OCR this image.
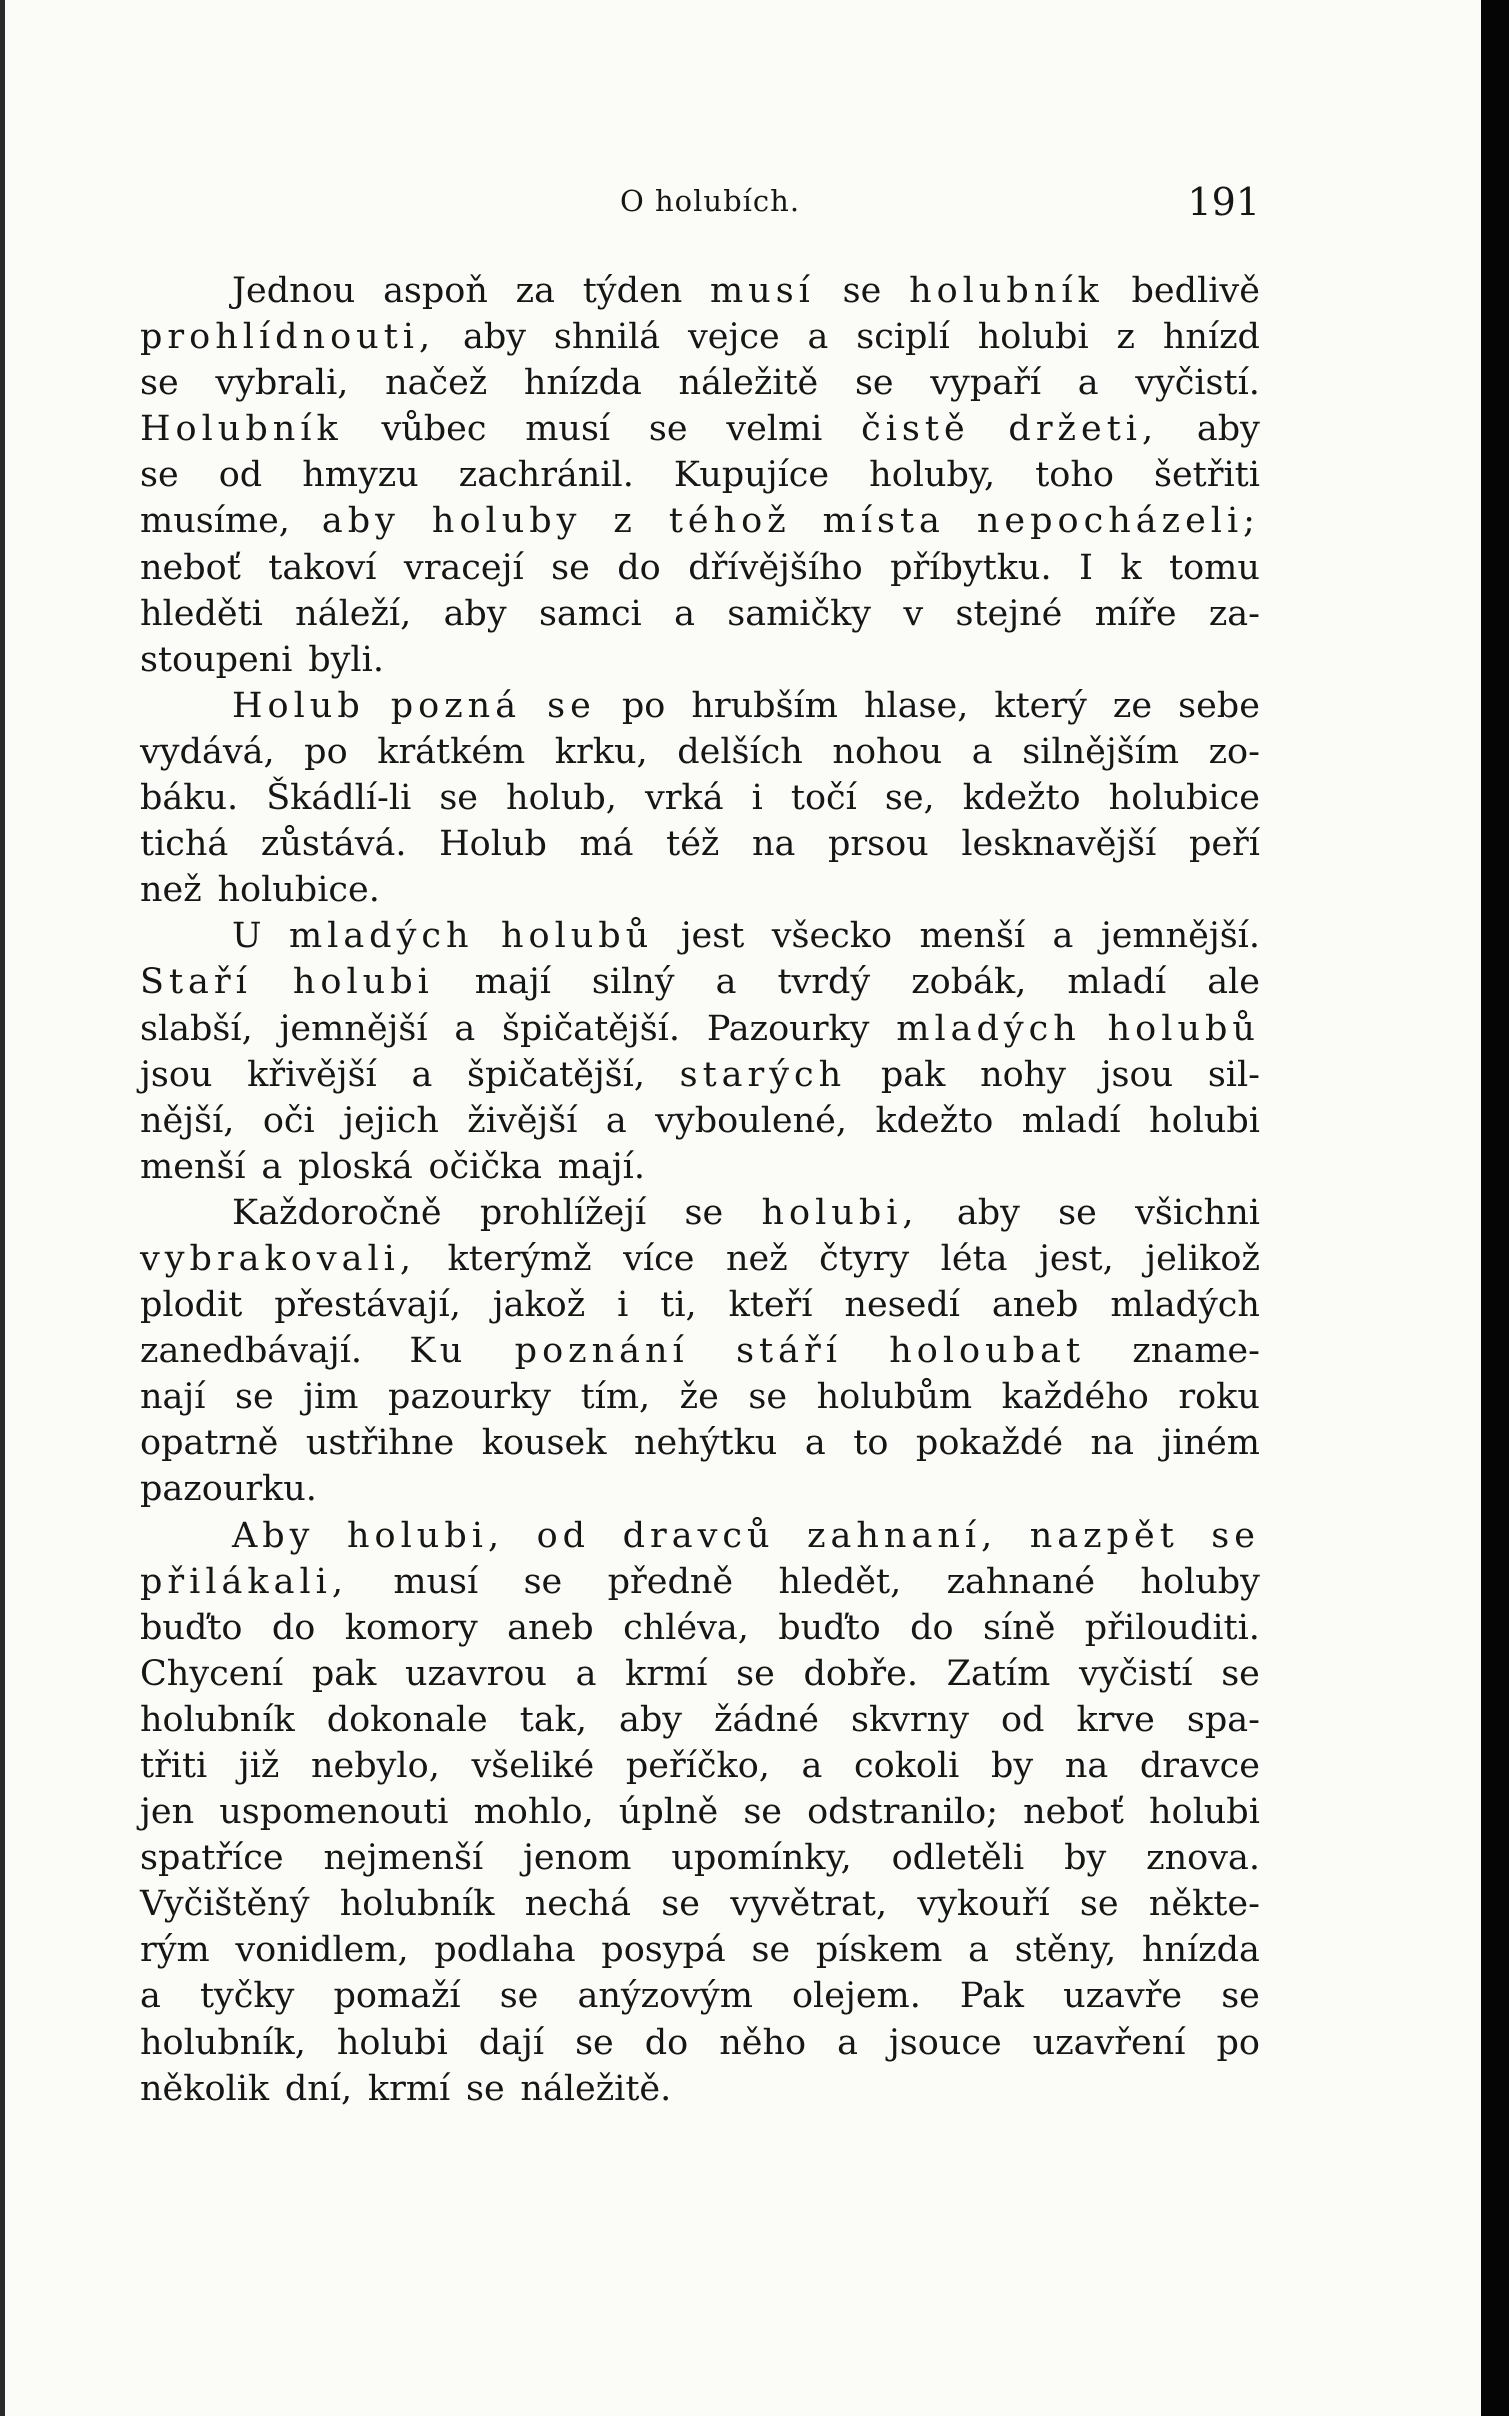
O holubích.	191
Jednou aspoň za týden musí se holubník bedlivě
prohlídnouti, aby shnilá vejce a sciplí holubi z hnízd
se vybrali, načež hnízda náležitě se vypaří a vyčistí.
Holubník vůbec musí se velmi čistě držeti, aby
se od hmyzu zachránil. Kupujíce holuby, toho šetřiti
musíme, aby holuby z téhož místa nepocházeli;
neboť takoví vracejí se do dřívějšího příbytku. I k tomu
hleděti náleží, aby samci a samičky v stejné míře za-
stoupeni byli.
Holub pozná se po hrubším hlase, který ze sebe
vydává, po krátkém krku, delších nohou a silnějším zo-
báku. Škádlí-li se holub, vrká i točí se, kdežto holubice
tichá zůstává. Holub má též na prsou lesknavější peří
než holubice.
U mladých holubů jest všecko menší a jemnější.
Staří holubi mají silný a tvrdý zobák, mladí ale
slabší, jemnější a špičatější. Pazourky mladých holubů
jsou křivější a špičatější, starých pak nohy jsou sil-
nější, oči jejich živější a vyboulené, kdežto mladí holubi
menší a ploská očička mají.
Každoročně prohlížejí se holubi, aby se všichni
vybrakovali, kterýmž více než čtyry léta jest, jelikož
plodit přestávají, jakož i ti, kteří nesedí aneb mladých
zanedbávají. Ku poznání stáří holoubat zname-
nají se jim pazourky tím, že se holubům každého roku
opatrně ustřihne kousek nehýtku a to pokaždé na jiném
pazourku.
Aby holubi, od dravců zahnaní, nazpět se
přilákali, musí se předně hledět, zahnané holuby
buďto do komory aneb chléva, buďto do síně přilouditi.
Chycení pak uzavrou a krmí se dobře. Zatím vyčistí se
holubník dokonale tak, aby žádné skvrny od krve spa-
třiti již nebylo, všeliké peříčko, a cokoli by na dravce
jen uspomenouti mohlo, úplně se odstranilo; neboť holubi
spatříce nejmenší jenom upomínky, odletěli by znova.
Vyčištěný holubník nechá se vyvětrat, vykouří se někte-
rým vonidlem, podlaha posypá se pískem a stěny, hnízda
a tyčky pomaží se anýzovým olejem. Pak uzavře se
holubník, holubi dají se do něho a jsouce uzavření po
několik dní, krmí se náležitě.
